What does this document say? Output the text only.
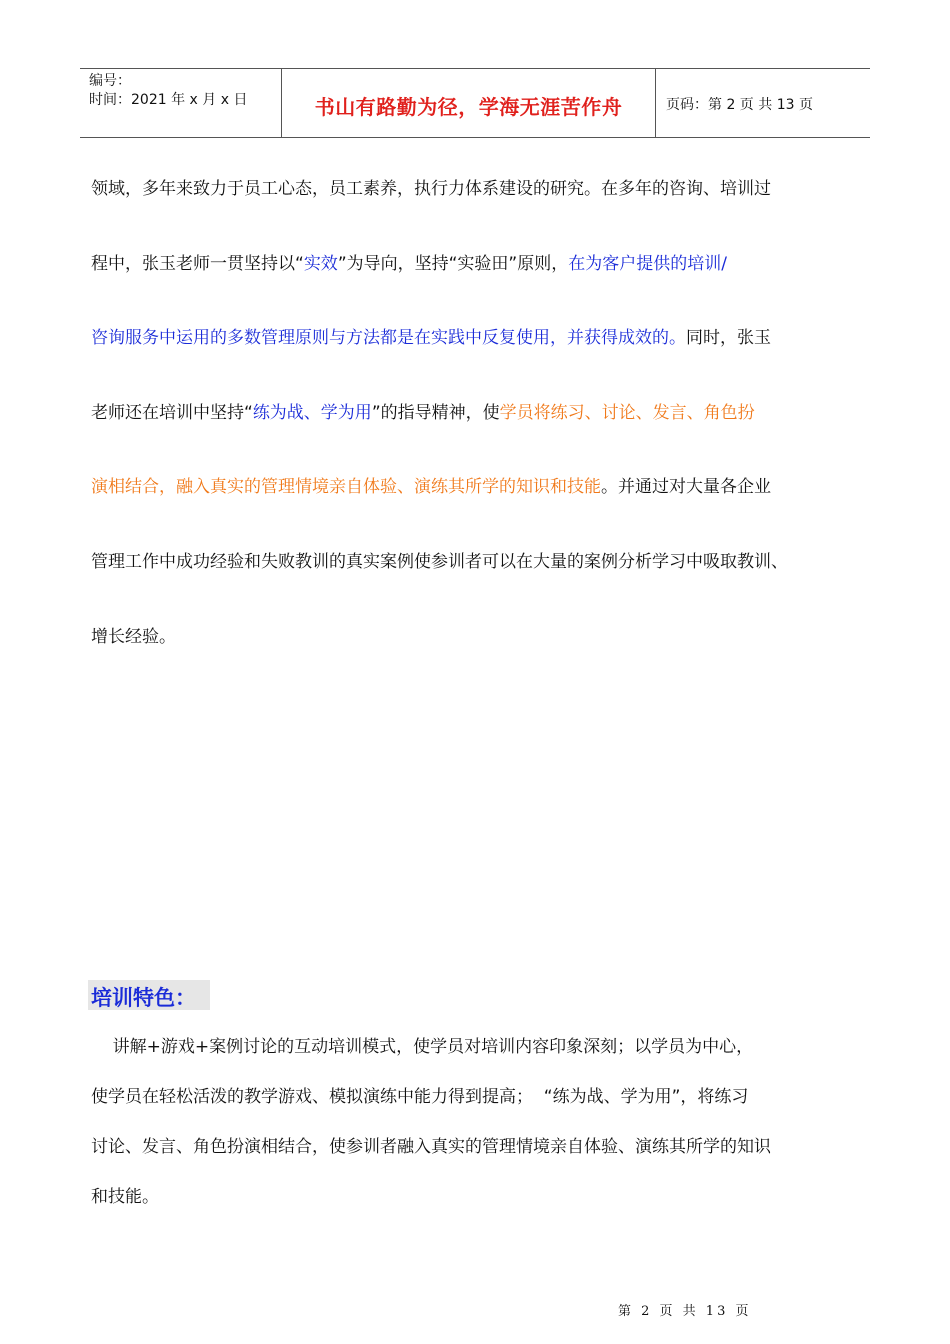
编号：
时间：2021 年 x 月 x 日	书山有路勤为径，学海无涯苦作舟	页码：第 2 页 共 13 页
领域，多年来致力于员工心态，员工素养，执行力体系建设的研究。在多年的咨询、培训过
程中，张玉老师一贯坚持以“实效”为导向，坚持“实验田”原则，在为客户提供的培训/
咨询服务中运用的多数管理原则与方法都是在实践中反复使用，并获得成效的。同时，张玉
老师还在培训中坚持“练为战、学为用”的指导精神，使学员将练习、讨论、发言、角色扮
演相结合，融入真实的管理情境亲自体验、演练其所学的知识和技能。并通过对大量各企业
管理工作中成功经验和失败教训的真实案例使参训者可以在大量的案例分析学习中吸取教训、
增长经验。
培训特色：
讲解+游戏+案例讨论的互动培训模式，使学员对培训内容印象深刻；以学员为中心，
使学员在轻松活泼的教学游戏、模拟演练中能力得到提高；  “练为战、学为用”，将练习
讨论、发言、角色扮演相结合，使参训者融入真实的管理情境亲自体验、演练其所学的知识
和技能。
第 2 页 共 13 页
